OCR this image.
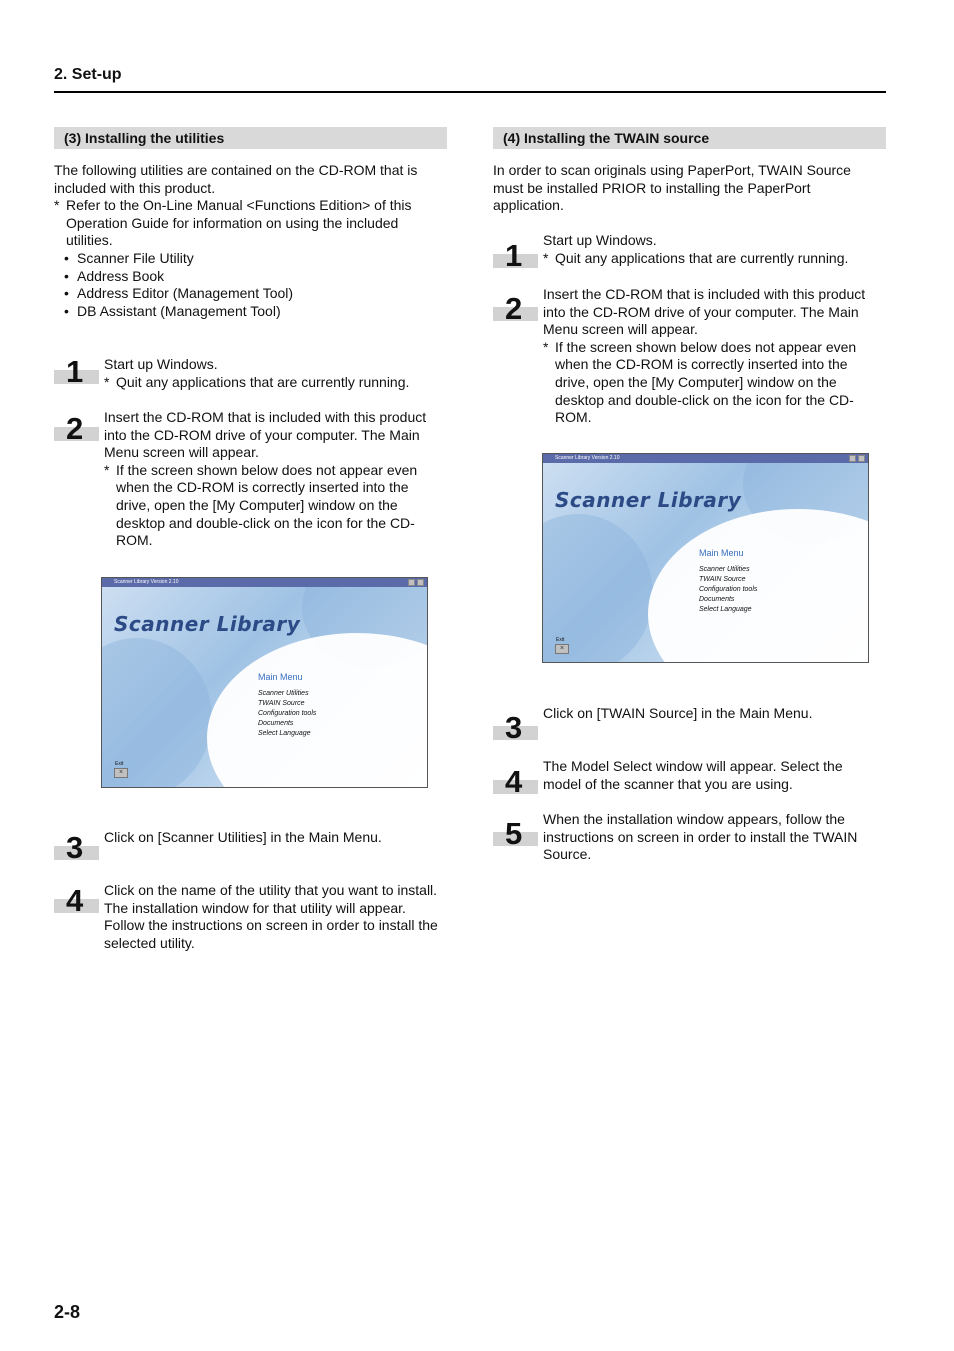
2. Set-up
(3) Installing the utilities

The following utilities are contained on the CD-ROM that is included with this product.

* Refer to the On-Line Manual <Functions Edition> of this Operation Guide for information on using the included utilities.
• Scanner File Utility
• Address Book
• Address Editor (Management Tool)
• DB Assistant (Management Tool)
1 Start up Windows.

* Quit any applications that are currently running.
2 Insert the CD-ROM that is included with this product into the CD-ROM drive of your computer. The Main Menu screen will appear.

* If the screen shown below does not appear even when the CD-ROM is correctly inserted into the drive, open the [My Computer] window on the desktop and double-click on the icon for the CD-ROM.
Scanner Library Version 2.10
Scanner Library
Main Menu
Scanner Utilities
TWAIN Source
Configuration tools
Documents
Select Language
Exit
×
3 Click on [Scanner Utilities] in the Main Menu.

4 Click on the name of the utility that you want to install. The installation window for that utility will appear. Follow the instructions on screen in order to install the selected utility.

(4) Installing the TWAIN source

In order to scan originals using PaperPort, TWAIN Source must be installed PRIOR to installing the PaperPort application.

1 Start up Windows.

* Quit any applications that are currently running.
2 Insert the CD-ROM that is included with this product into the CD-ROM drive of your computer. The Main Menu screen will appear.

* If the screen shown below does not appear even when the CD-ROM is correctly inserted into the drive, open the [My Computer] window on the desktop and double-click on the icon for the CD-ROM.
Scanner Library Version 2.10
Scanner Library
Main Menu
Scanner Utilities
TWAIN Source
Configuration tools
Documents
Select Language
Exit
×
3 Click on [TWAIN Source] in the Main Menu.

4 The Model Select window will appear. Select the model of the scanner that you are using.

5 When the installation window appears, follow the instructions on screen in order to install the TWAIN Source.

2-8
